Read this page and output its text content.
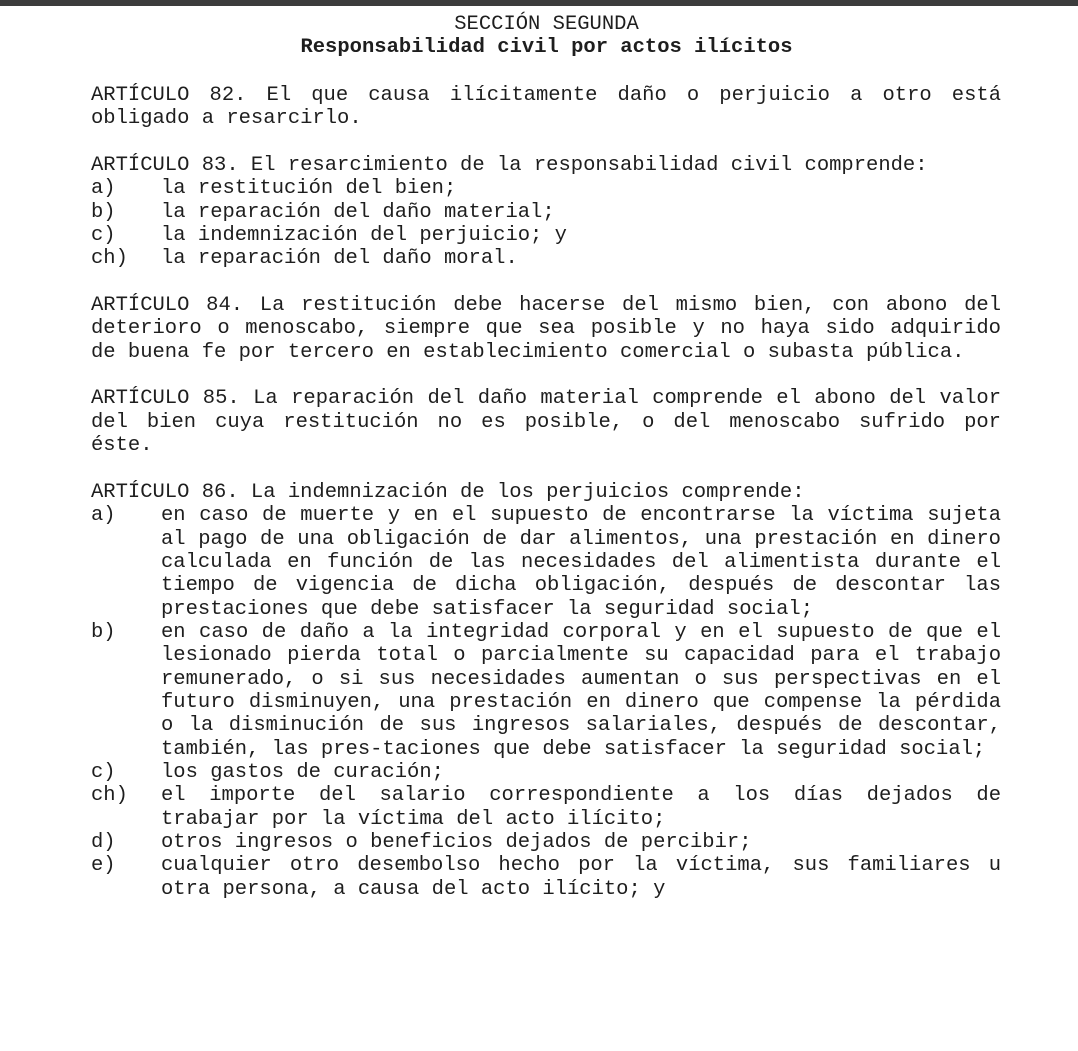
SECCIÓN SEGUNDA
Responsabilidad civil por actos ilícitos
ARTÍCULO 82. El que causa ilícitamente daño o perjuicio a otro está obligado a resarcirlo.
ARTÍCULO 83. El resarcimiento de la responsabilidad civil comprende:
a)	la restitución del bien;
b)	la reparación del daño material;
c)	la indemnización del perjuicio; y
ch)	la reparación del daño moral.
ARTÍCULO 84. La restitución debe hacerse del mismo bien, con abono del deterioro o menoscabo, siempre que sea posible y no haya sido adquirido de buena fe por tercero en establecimiento comercial o subasta pública.
ARTÍCULO 85. La reparación del daño material comprende el abono del valor del bien cuya restitución no es posible, o del menoscabo sufrido por éste.
ARTÍCULO 86. La indemnización de los perjuicios comprende:
a)	en caso de muerte y en el supuesto de encontrarse la víctima sujeta al pago de una obligación de dar alimentos, una prestación en dinero calculada en función de las necesidades del alimentista durante el tiempo de vigencia de dicha obligación, después de descontar las prestaciones que debe satisfacer la seguridad social;
b)	en caso de daño a la integridad corporal y en el supuesto de que el lesionado pierda total o parcialmente su capacidad para el trabajo remunerado, o si sus necesidades aumentan o sus perspectivas en el futuro disminuyen, una prestación en dinero que compense la pérdida o la disminución de sus ingresos salariales, después de descontar, también, las pres-taciones que debe satisfacer la seguridad social;
c)	los gastos de curación;
ch)	el importe del salario correspondiente a los días dejados de trabajar por la víctima del acto ilícito;
d)	otros ingresos o beneficios dejados de percibir;
e)	cualquier otro desembolso hecho por la víctima, sus familiares u otra persona, a causa del acto ilícito; y
